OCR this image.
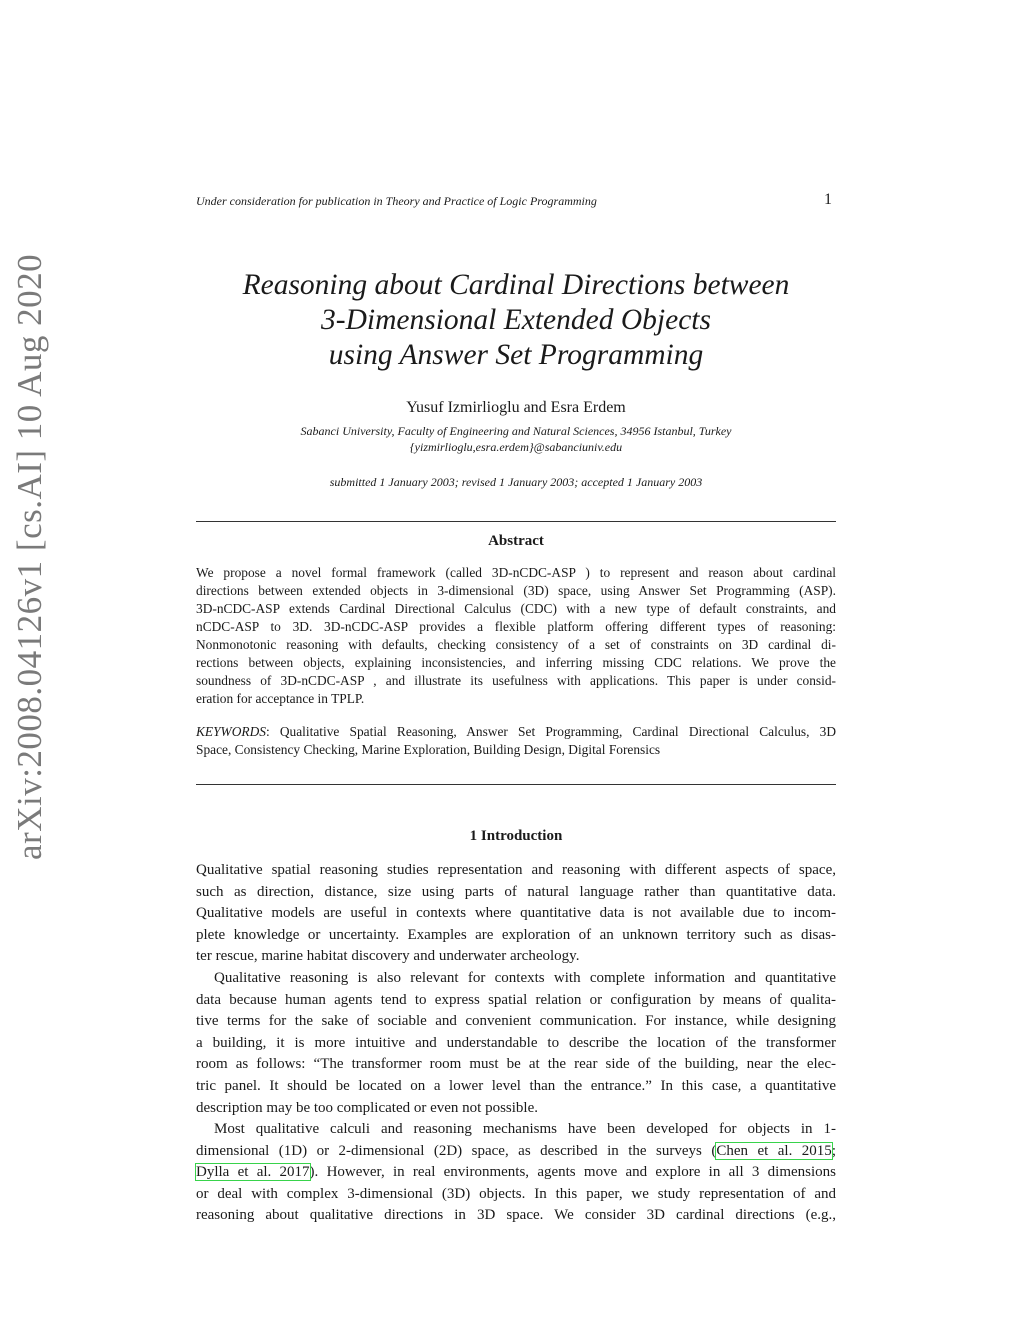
arXiv:2008.04126v1 [cs.AI] 10 Aug 2020
Under consideration for publication in Theory and Practice of Logic Programming	1
Reasoning about Cardinal Directions between
3-Dimensional Extended Objects
using Answer Set Programming
Yusuf Izmirlioglu and Esra Erdem
Sabanci University, Faculty of Engineering and Natural Sciences, 34956 Istanbul, Turkey
{yizmirlioglu,esra.erdem}@sabanciuniv.edu
submitted 1 January 2003; revised 1 January 2003; accepted 1 January 2003
Abstract
We propose a novel formal framework (called 3D-nCDC-ASP ) to represent and reason about cardinal
directions between extended objects in 3-dimensional (3D) space, using Answer Set Programming (ASP).
3D-nCDC-ASP extends Cardinal Directional Calculus (CDC) with a new type of default constraints, and
nCDC-ASP to 3D. 3D-nCDC-ASP provides a flexible platform offering different types of reasoning:
Nonmonotonic reasoning with defaults, checking consistency of a set of constraints on 3D cardinal di-
rections between objects, explaining inconsistencies, and inferring missing CDC relations. We prove the
soundness of 3D-nCDC-ASP , and illustrate its usefulness with applications. This paper is under consid-
eration for acceptance in TPLP.
KEYWORDS: Qualitative Spatial Reasoning, Answer Set Programming, Cardinal Directional Calculus, 3D
Space, Consistency Checking, Marine Exploration, Building Design, Digital Forensics
1 Introduction
Qualitative spatial reasoning studies representation and reasoning with different aspects of space,
such as direction, distance, size using parts of natural language rather than quantitative data.
Qualitative models are useful in contexts where quantitative data is not available due to incom-
plete knowledge or uncertainty. Examples are exploration of an unknown territory such as disas-
ter rescue, marine habitat discovery and underwater archeology.
Qualitative reasoning is also relevant for contexts with complete information and quantitative
data because human agents tend to express spatial relation or configuration by means of qualita-
tive terms for the sake of sociable and convenient communication. For instance, while designing
a building, it is more intuitive and understandable to describe the location of the transformer
room as follows: “The transformer room must be at the rear side of the building, near the elec-
tric panel. It should be located on a lower level than the entrance.” In this case, a quantitative
description may be too complicated or even not possible.
Most qualitative calculi and reasoning mechanisms have been developed for objects in 1-
dimensional (1D) or 2-dimensional (2D) space, as described in the surveys (Chen et al. 2015;
Dylla et al. 2017). However, in real environments, agents move and explore in all 3 dimensions
or deal with complex 3-dimensional (3D) objects. In this paper, we study representation of and
reasoning about qualitative directions in 3D space. We consider 3D cardinal directions (e.g.,
